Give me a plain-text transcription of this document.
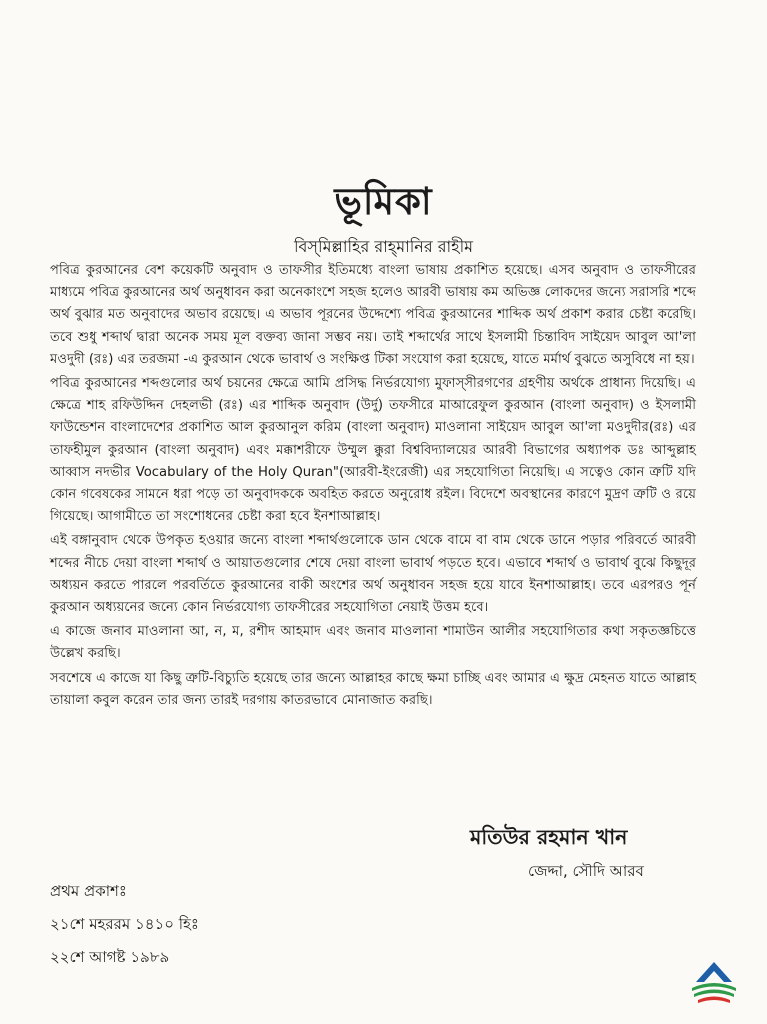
ভূমিকা

বিস্‌মিল্লাহির রাহ্‌মানির রাহীম

পবিত্র কুরআনের বেশ কয়েকটি অনুবাদ ও তাফসীর ইতিমধ্যে বাংলা ভাষায় প্রকাশিত হয়েছে। এসব অনুবাদ ও তাফসীরের মাধ্যমে পবিত্র কুরআনের অর্থ অনুধাবন করা অনেকাংশে সহজ হলেও আরবী ভাষায় কম অভিজ্ঞ লোকদের জন্যে সরাসরি শব্দে অর্থ বুঝার মত অনুবাদের অভাব রয়েছে। এ অভাব পূরনের উদ্দেশ্যে পবিত্র কুরআনের শাব্দিক অর্থ প্রকাশ করার চেষ্টা করেছি। তবে শুধু শব্দার্থ দ্বারা অনেক সময় মূল বক্তব্য জানা সম্ভব নয়। তাই শব্দার্থের সাথে ইসলামী চিন্তাবিদ সাইয়েদ আবুল আ'লা মওদুদী (রঃ) এর তরজমা -এ কুরআন থেকে ভাবার্থ ও সংক্ষিপ্ত টিকা সংযোগ করা হয়েছে, যাতে মর্মার্থ বুঝতে অসুবিধে না হয়।

পবিত্র কুরআনের শব্দগুলোর অর্থ চয়নের ক্ষেত্রে আমি প্রসিদ্ধ নির্ভরযোগ্য মুফাস্‌সীরগণের গ্রহণীয় অর্থকে প্রাধান্য দিয়েছি। এ ক্ষেত্রে শাহ রফিউদ্দিন দেহলভী (রঃ) এর শাব্দিক অনুবাদ (উর্দু) তফসীরে মাআরেফুল কুরআন (বাংলা অনুবাদ) ও ইসলামী ফাউন্ডেশন বাংলাদেশের প্রকাশিত আল কুরআনুল করিম (বাংলা অনুবাদ) মাওলানা সাইয়েদ আবুল আ'লা মওদুদীর(রঃ) এর তাফহীমুল কুরআন (বাংলা অনুবাদ) এবং মক্কাশরীফে উম্মুল ক্কুরা বিশ্ববিদ্যালয়ের আরবী বিভাগের অধ্যাপক ডঃ আব্দুল্লাহ আব্বাস নদভীর Vocabulary of the Holy Quran"(আরবী-ইংরেজী) এর সহযোগিতা নিয়েছি। এ সত্বেও কোন ত্রুটি যদি কোন গবেষকের সামনে ধরা পড়ে তা অনুবাদককে অবহিত করতে অনুরোধ রইল। বিদেশে অবস্থানের কারণে মুদ্রণ ত্রুটি ও রয়ে গিয়েছে। আগামীতে তা সংশোধনের চেষ্টা করা হবে ইনশাআল্লাহ।

এই বঙ্গানুবাদ থেকে উপকৃত হওয়ার জন্যে বাংলা শব্দার্থগুলোকে ডান থেকে বামে বা বাম থেকে ডানে পড়ার পরিবর্তে আরবী শব্দের নীচে দেয়া বাংলা শব্দার্থ ও আয়াতগুলোর শেষে দেয়া বাংলা ভাবার্থ পড়তে হবে। এভাবে শব্দার্থ ও ভাবার্থ বুঝে কিছুদূর অধ্যয়ন করতে পারলে পরবর্তিতে কুরআনের বাকী অংশের অর্থ অনুধাবন সহজ হয়ে যাবে ইনশাআল্লাহ। তবে এরপরও পূর্ন কুরআন অধ্যয়নের জন্যে কোন নির্ভরযোগ্য তাফসীরের সহযোগিতা নেয়াই উত্তম হবে।

এ কাজে জনাব মাওলানা আ, ন, ম, রশীদ আহমাদ এবং জনাব মাওলানা শামাউন আলীর সহযোগিতার কথা সকৃতজ্ঞচিত্তে উল্লেখ করছি।

সবশেষে এ কাজে যা কিছু ত্রুটি-বিচ্যুতি হয়েছে তার জন্যে আল্লাহর কাছে ক্ষমা চাচ্ছি এবং আমার এ ক্ষুদ্র মেহনত যাতে আল্লাহ তায়ালা কবুল করেন তার জন্য তারই দরগায় কাতরভাবে মোনাজাত করছি।

মতিউর রহমান খান

জেদ্দা, সৌদি আরব

প্রথম প্রকাশঃ

২১শে মহররম ১৪১০ হিঃ

২২শে আগষ্ট ১৯৮৯
